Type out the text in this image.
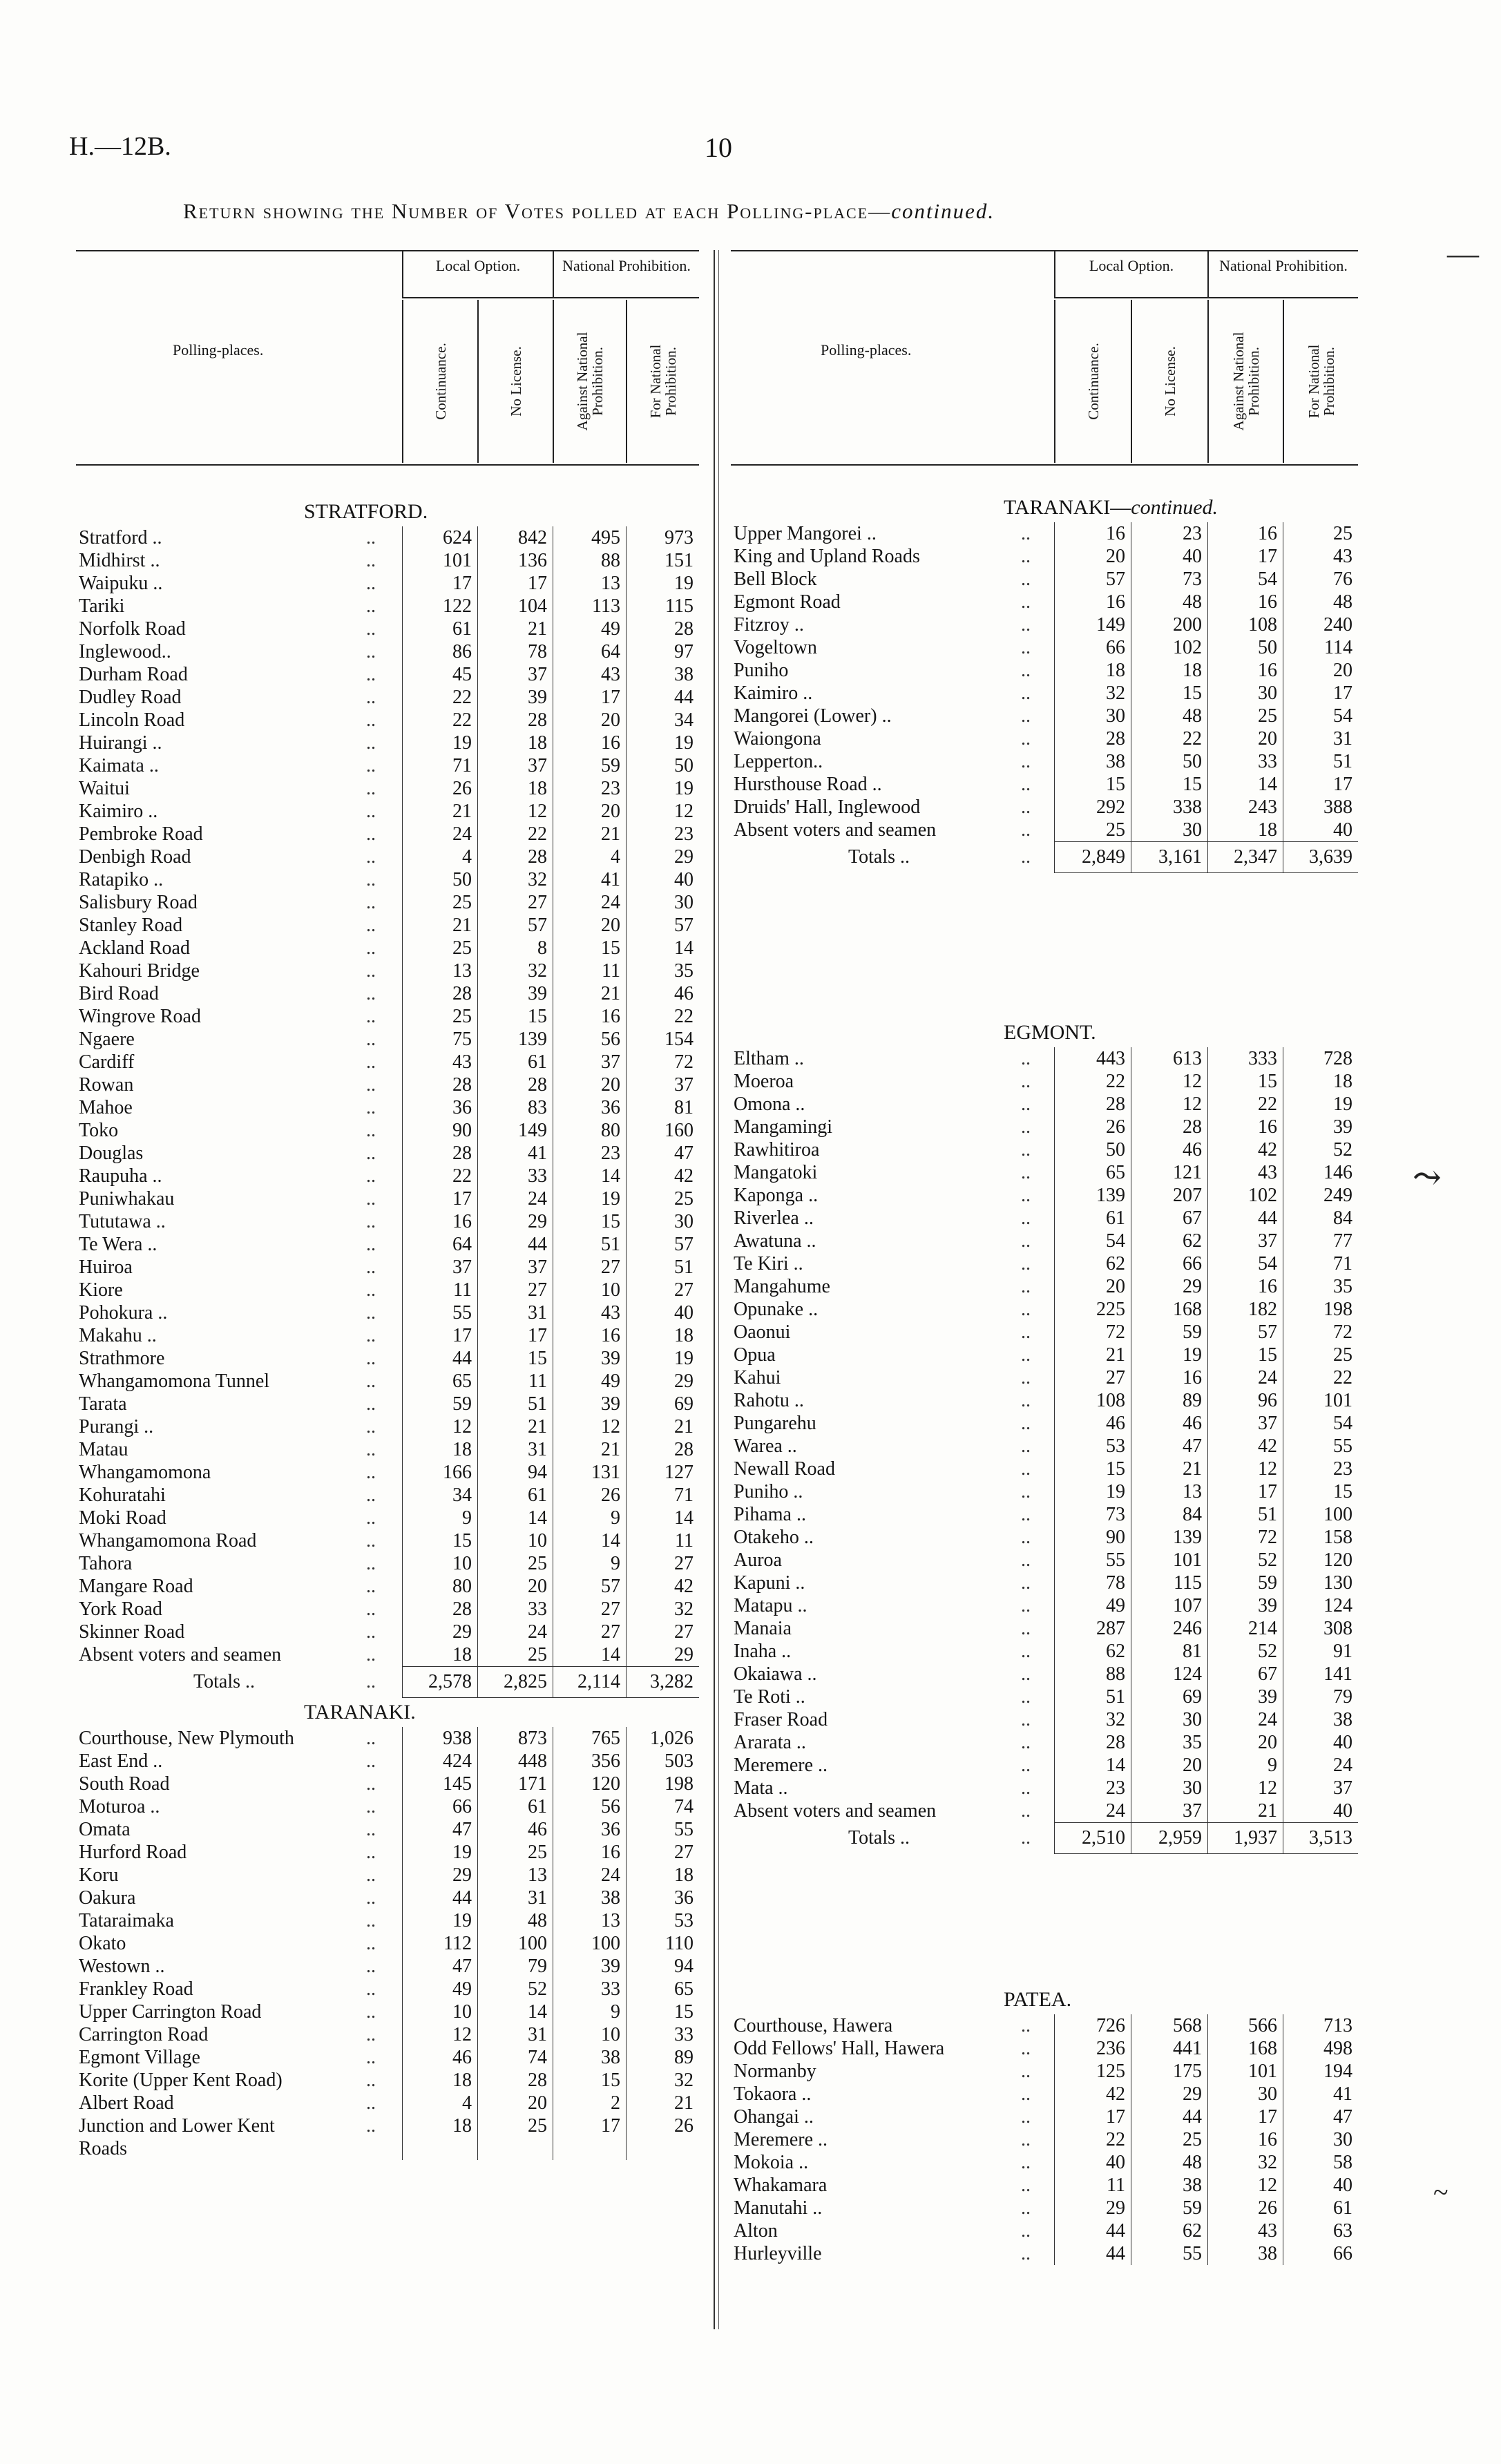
H.—12B.	10
Return showing the Number of Votes polled at each Polling-place—continued.
Polling-places.
Local Option.	National Prohibition.
Continuance.	No License.	Against National Prohibition.	For National Prohibition.
STRATFORD.
Stratford ..	..	624	842	495	973
Midhirst ..	..	101	136	88	151
Waipuku ..	..	17	17	13	19
Tariki	..	122	104	113	115
Norfolk Road	..	61	21	49	28
Inglewood..	..	86	78	64	97
Durham Road	..	45	37	43	38
Dudley Road	..	22	39	17	44
Lincoln Road	..	22	28	20	34
Huirangi ..	..	19	18	16	19
Kaimata ..	..	71	37	59	50
Waitui	..	26	18	23	19
Kaimiro ..	..	21	12	20	12
Pembroke Road	..	24	22	21	23
Denbigh Road	..	4	28	4	29
Ratapiko ..	..	50	32	41	40
Salisbury Road	..	25	27	24	30
Stanley Road	..	21	57	20	57
Ackland Road	..	25	8	15	14
Kahouri Bridge	..	13	32	11	35
Bird Road	..	28	39	21	46
Wingrove Road	..	25	15	16	22
Ngaere	..	75	139	56	154
Cardiff	..	43	61	37	72
Rowan	..	28	28	20	37
Mahoe	..	36	83	36	81
Toko	..	90	149	80	160
Douglas	..	28	41	23	47
Raupuha ..	..	22	33	14	42
Puniwhakau	..	17	24	19	25
Tututawa ..	..	16	29	15	30
Te Wera ..	..	64	44	51	57
Huiroa	..	37	37	27	51
Kiore	..	11	27	10	27
Pohokura ..	..	55	31	43	40
Makahu ..	..	17	17	16	18
Strathmore	..	44	15	39	19
Whangamomona Tunnel	..	65	11	49	29
Tarata	..	59	51	39	69
Purangi ..	..	12	21	12	21
Matau	..	18	31	21	28
Whangamomona	..	166	94	131	127
Kohuratahi	..	34	61	26	71
Moki Road	..	9	14	9	14
Whangamomona Road	..	15	10	14	11
Tahora	..	10	25	9	27
Mangare Road	..	80	20	57	42
York Road	..	28	33	27	32
Skinner Road	..	29	24	27	27
Absent voters and seamen	..	18	25	14	29
Totals ..	..	2,578	2,825	2,114	3,282
TARANAKI.
Courthouse, New Plymouth	..	938	873	765	1,026
East End ..	..	424	448	356	503
South Road	..	145	171	120	198
Moturoa ..	..	66	61	56	74
Omata	..	47	46	36	55
Hurford Road	..	19	25	16	27
Koru	..	29	13	24	18
Oakura	..	44	31	38	36
Tataraimaka	..	19	48	13	53
Okato	..	112	100	100	110
Westown ..	..	47	79	39	94
Frankley Road	..	49	52	33	65
Upper Carrington Road	..	10	14	9	15
Carrington Road	..	12	31	10	33
Egmont Village	..	46	74	38	89
Korite (Upper Kent Road)	..	18	28	15	32
Albert Road	..	4	20	2	21
Junction and Lower Kent	..	18	25	17	26
Roads
Polling-places.
Local Option.	National Prohibition.
Continuance.	No License.	Against National Prohibition.	For National Prohibition.
TARANAKI—continued.
Upper Mangorei ..	..	16	23	16	25
King and Upland Roads	..	20	40	17	43
Bell Block	..	57	73	54	76
Egmont Road	..	16	48	16	48
Fitzroy ..	..	149	200	108	240
Vogeltown	..	66	102	50	114
Puniho	..	18	18	16	20
Kaimiro ..	..	32	15	30	17
Mangorei (Lower) ..	..	30	48	25	54
Waiongona	..	28	22	20	31
Lepperton..	..	38	50	33	51
Hursthouse Road ..	..	15	15	14	17
Druids' Hall, Inglewood	..	292	338	243	388
Absent voters and seamen	..	25	30	18	40
Totals ..	..	2,849	3,161	2,347	3,639
EGMONT.
Eltham ..	..	443	613	333	728
Moeroa	..	22	12	15	18
Omona ..	..	28	12	22	19
Mangamingi	..	26	28	16	39
Rawhitiroa	..	50	46	42	52
Mangatoki	..	65	121	43	146
Kaponga ..	..	139	207	102	249
Riverlea ..	..	61	67	44	84
Awatuna ..	..	54	62	37	77
Te Kiri ..	..	62	66	54	71
Mangahume	..	20	29	16	35
Opunake ..	..	225	168	182	198
Oaonui	..	72	59	57	72
Opua	..	21	19	15	25
Kahui	..	27	16	24	22
Rahotu ..	..	108	89	96	101
Pungarehu	..	46	46	37	54
Warea ..	..	53	47	42	55
Newall Road	..	15	21	12	23
Puniho ..	..	19	13	17	15
Pihama ..	..	73	84	51	100
Otakeho ..	..	90	139	72	158
Auroa	..	55	101	52	120
Kapuni ..	..	78	115	59	130
Matapu ..	..	49	107	39	124
Manaia	..	287	246	214	308
Inaha ..	..	62	81	52	91
Okaiawa ..	..	88	124	67	141
Te Roti ..	..	51	69	39	79
Fraser Road	..	32	30	24	38
Ararata ..	..	28	35	20	40
Meremere ..	..	14	20	9	24
Mata ..	..	23	30	12	37
Absent voters and seamen	..	24	37	21	40
Totals ..	..	2,510	2,959	1,937	3,513
PATEA.
Courthouse, Hawera	..	726	568	566	713
Odd Fellows' Hall, Hawera	..	236	441	168	498
Normanby	..	125	175	101	194
Tokaora ..	..	42	29	30	41
Ohangai ..	..	17	44	17	47
Meremere ..	..	22	25	16	30
Mokoia ..	..	40	48	32	58
Whakamara	..	11	38	12	40
Manutahi ..	..	29	59	26	61
Alton	..	44	62	43	63
Hurleyville	..	44	55	38	66
—
⤳
~
